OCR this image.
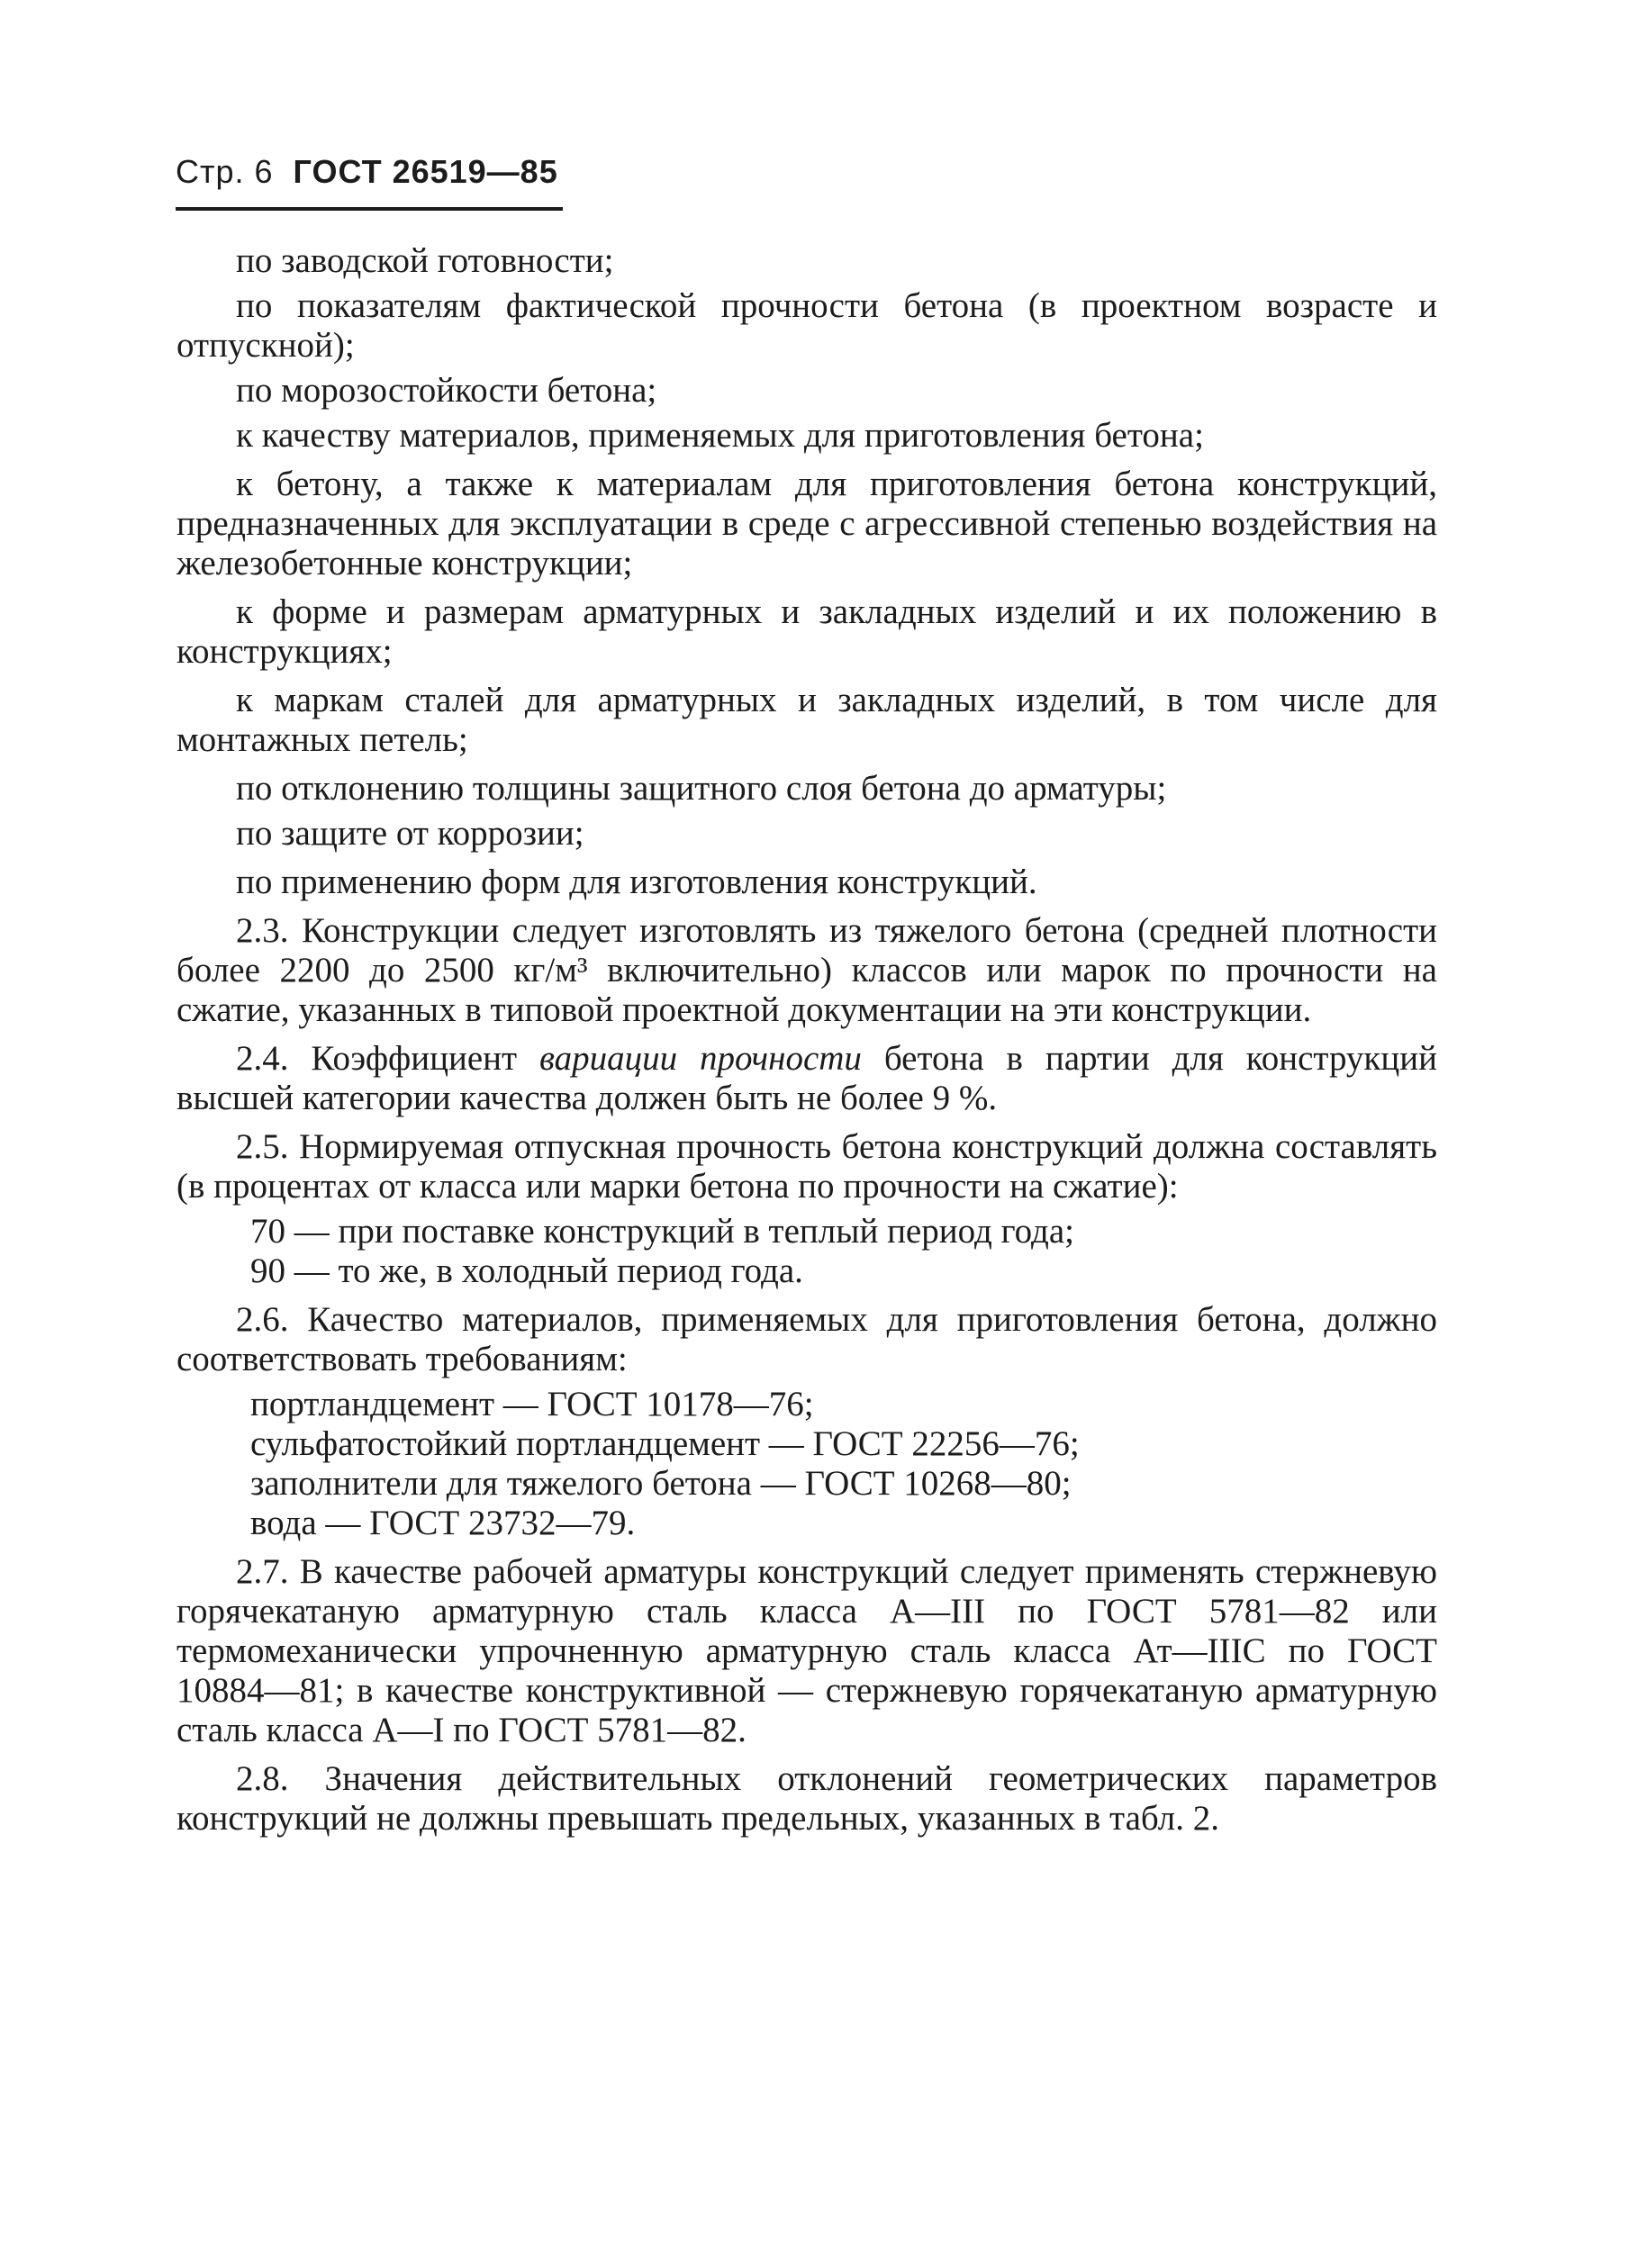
Стр. 6 ГОСТ 26519—85

по заводской готовности;

по показателям фактической прочности бетона (в проектном возрасте и отпускной);

по морозостойкости бетона;

к качеству материалов, применяемых для приготовления бетона;

к бетону, а также к материалам для приготовления бетона конструкций, предназначенных для эксплуатации в среде с агрессивной степенью воздействия на железобетонные конструкции;

к форме и размерам арматурных и закладных изделий и их положению в конструкциях;

к маркам сталей для арматурных и закладных изделий, в том числе для монтажных петель;

по отклонению толщины защитного слоя бетона до арматуры;

по защите от коррозии;

по применению форм для изготовления конструкций.

2.3. Конструкции следует изготовлять из тяжелого бетона (средней плотности более 2200 до 2500 кг/м³ включительно) классов или марок по прочности на сжатие, указанных в типовой проектной документации на эти конструкции.

2.4. Коэффициент вариации прочности бетона в партии для конструкций высшей категории качества должен быть не более 9 %.

2.5. Нормируемая отпускная прочность бетона конструкций должна составлять (в процентах от класса или марки бетона по прочности на сжатие):

70 — при поставке конструкций в теплый период года;
90 — то же, в холодный период года.

2.6. Качество материалов, применяемых для приготовления бетона, должно соответствовать требованиям:

портландцемент — ГОСТ 10178—76;
сульфатостойкий портландцемент — ГОСТ 22256—76;
заполнители для тяжелого бетона — ГОСТ 10268—80;
вода — ГОСТ 23732—79.

2.7. В качестве рабочей арматуры конструкций следует применять стержневую горячекатаную арматурную сталь класса А—III по ГОСТ 5781—82 или термомеханически упрочненную арматурную сталь класса Ат—IIIС по ГОСТ 10884—81; в качестве конструктивной — стержневую горячекатаную арматурную сталь класса А—I по ГОСТ 5781—82.

2.8. Значения действительных отклонений геометрических параметров конструкций не должны превышать предельных, указанных в табл. 2.
